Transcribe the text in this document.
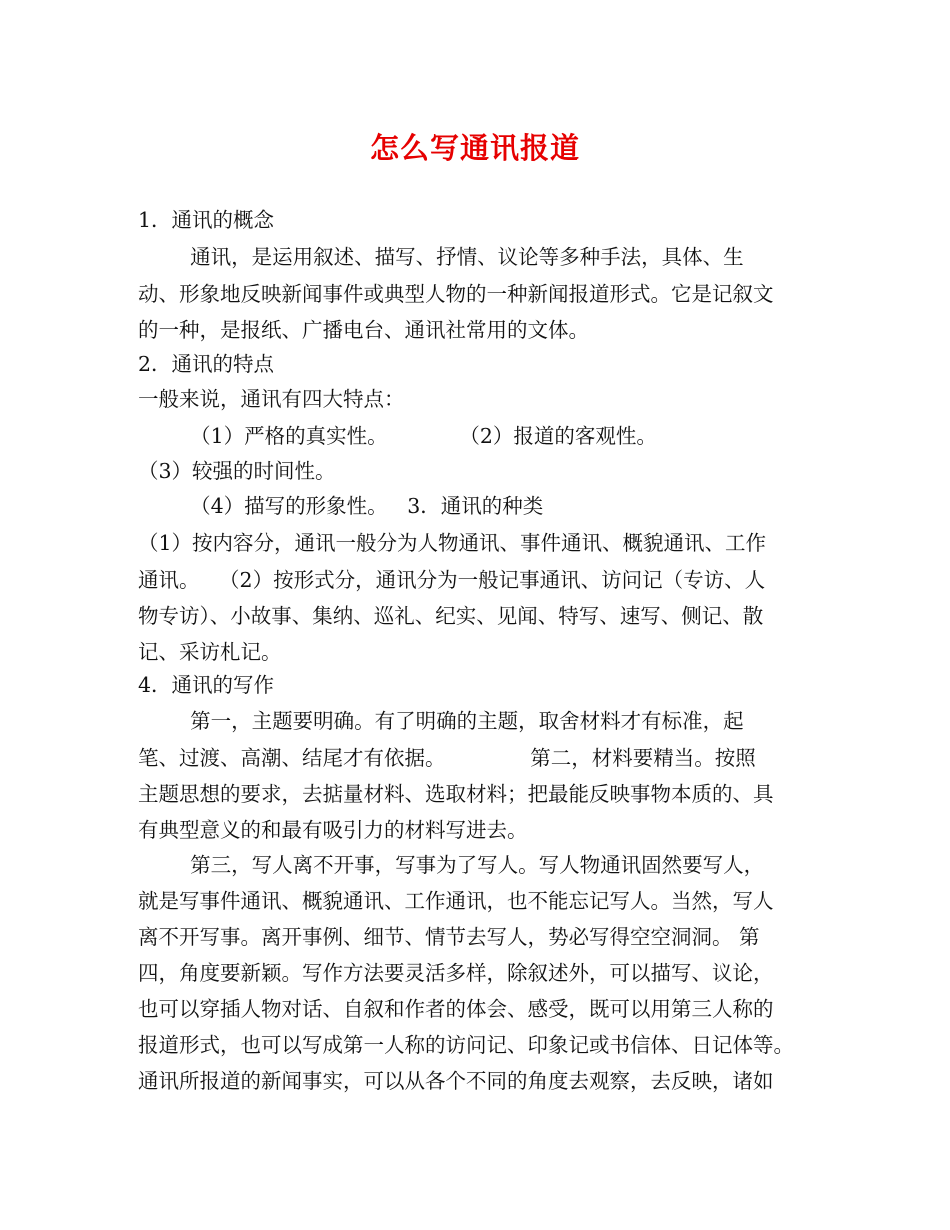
怎么写通讯报道

1．通讯的概念

通讯，是运用叙述、描写、抒情、议论等多种手法，具体、生

动、形象地反映新闻事件或典型人物的一种新闻报道形式。它是记叙文

的一种，是报纸、广播电台、通讯社常用的文体。

2．通讯的特点

一般来说，通讯有四大特点：

（1）严格的真实性。           （2）报道的客观性。

（3）较强的时间性。

（4）描写的形象性。   3．通讯的种类

（1）按内容分，通讯一般分为人物通讯、事件通讯、概貌通讯、工作

通讯。   （2）按形式分，通讯分为一般记事通讯、访问记（专访、人

物专访）、小故事、集纳、巡礼、纪实、见闻、特写、速写、侧记、散

记、采访札记。

4．通讯的写作

第一，主题要明确。有了明确的主题，取舍材料才有标准，起

笔、过渡、高潮、结尾才有依据。             第二，材料要精当。按照

主题思想的要求，去掂量材料、选取材料；把最能反映事物本质的、具

有典型意义的和最有吸引力的材料写进去。

第三，写人离不开事，写事为了写人。写人物通讯固然要写人，

就是写事件通讯、概貌通讯、工作通讯，也不能忘记写人。当然，写人

离不开写事。离开事例、细节、情节去写人，势必写得空空洞洞。 第

四，角度要新颖。写作方法要灵活多样，除叙述外，可以描写、议论，

也可以穿插人物对话、自叙和作者的体会、感受，既可以用第三人称的

报道形式，也可以写成第一人称的访问记、印象记或书信体、日记体等。

通讯所报道的新闻事实，可以从各个不同的角度去观察，去反映，诸如
